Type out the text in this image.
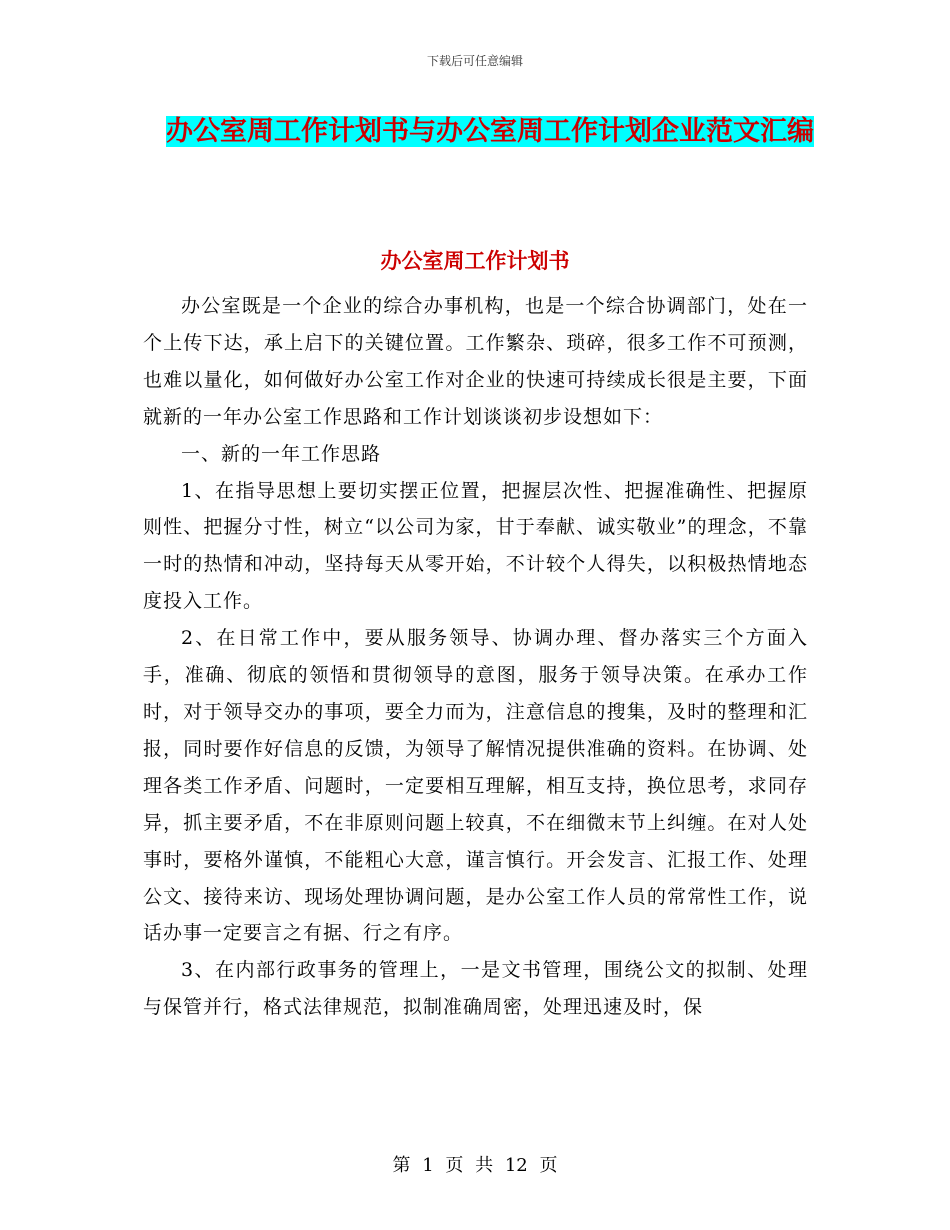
下载后可任意编辑
办公室周工作计划书与办公室周工作计划企业范文汇编
办公室周工作计划书

办公室既是一个企业的综合办事机构，也是一个综合协调部门，处在一个上传下达，承上启下的关键位置。工作繁杂、琐碎，很多工作不可预测，也难以量化，如何做好办公室工作对企业的快速可持续成长很是主要，下面就新的一年办公室工作思路和工作计划谈谈初步设想如下：

一、新的一年工作思路

1、在指导思想上要切实摆正位置，把握层次性、把握准确性、把握原则性、把握分寸性，树立“以公司为家，甘于奉献、诚实敬业”的理念，不靠一时的热情和冲动，坚持每天从零开始，不计较个人得失，以积极热情地态度投入工作。

2、在日常工作中，要从服务领导、协调办理、督办落实三个方面入手，准确、彻底的领悟和贯彻领导的意图，服务于领导决策。在承办工作时，对于领导交办的事项，要全力而为，注意信息的搜集，及时的整理和汇报，同时要作好信息的反馈，为领导了解情况提供准确的资料。在协调、处理各类工作矛盾、问题时，一定要相互理解，相互支持，换位思考，求同存异，抓主要矛盾，不在非原则问题上较真，不在细微末节上纠缠。在对人处事时，要格外谨慎，不能粗心大意，谨言慎行。开会发言、汇报工作、处理公文、接待来访、现场处理协调问题，是办公室工作人员的常常性工作，说话办事一定要言之有据、行之有序。

3、在内部行政事务的管理上，一是文书管理，围绕公文的拟制、处理与保管并行，格式法律规范，拟制准确周密，处理迅速及时，保

第 1 页 共 12 页
